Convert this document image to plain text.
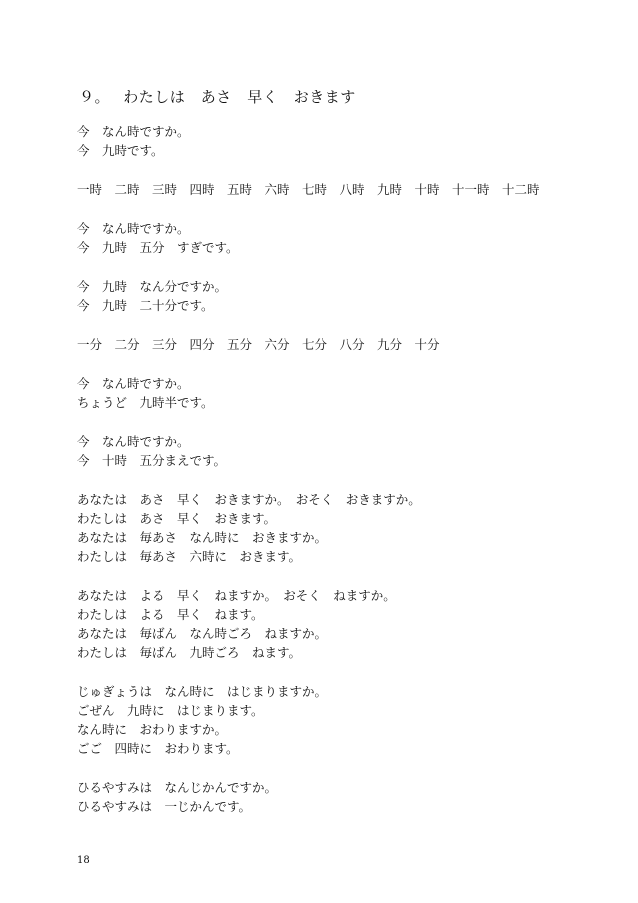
９。　 わたしは　あさ　早く　おきます
今　なん時ですか。
今　九時です。
一時　二時　三時　四時　五時　六時　七時　八時　九時　十時　十一時　十二時
今　なん時ですか。
今　九時　五分　すぎです。
今　九時　なん分ですか。
今　九時　二十分です。
一分　二分　三分　四分　五分　六分　七分　八分　九分　十分
今　なん時ですか。
ちょうど　九時半です。
今　なん時ですか。
今　十時　五分まえです。
あなたは　あさ　早く　おきますか。　おそく　おきますか。
わたしは　あさ　早く　おきます。
あなたは　毎あさ　なん時に　おきますか。
わたしは　毎あさ　六時に　おきます。
あなたは　よる　早く　ねますか。　おそく　ねますか。
わたしは　よる　早く　ねます。
あなたは　毎ばん　なん時ごろ　ねますか。
わたしは　毎ばん　九時ごろ　ねます。
じゅぎょうは　なん時に　はじまりますか。
ごぜん　九時に　はじまります。
なん時に　おわりますか。
ごご　四時に　おわります。
ひるやすみは　なんじかんですか。
ひるやすみは　一じかんです。
18
